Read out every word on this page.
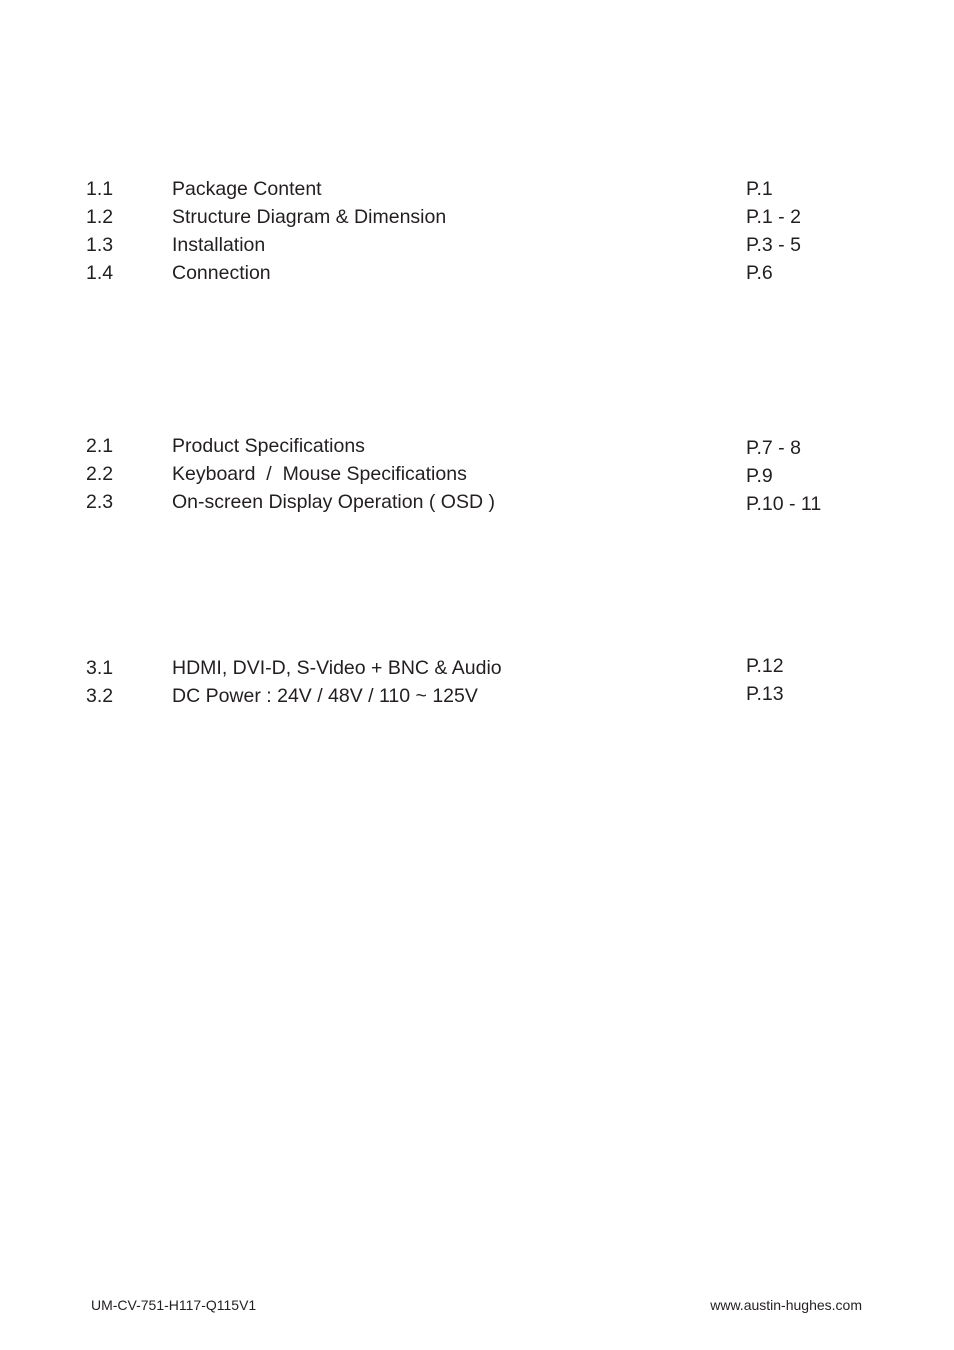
1.1	Package Content	P.1
1.2	Structure Diagram & Dimension	P.1 - 2
1.3	Installation	P.3 - 5
1.4	Connection	P.6
2.1	Product Specifications	P.7 - 8
2.2	Keyboard  /  Mouse Specifications	P.9
2.3	On-screen Display Operation ( OSD )	P.10 - 11
3.1	HDMI, DVI-D, S-Video + BNC & Audio	P.12
3.2	DC Power : 24V / 48V / 110 ~ 125V	P.13
UM-CV-751-H117-Q115V1	www.austin-hughes.com
